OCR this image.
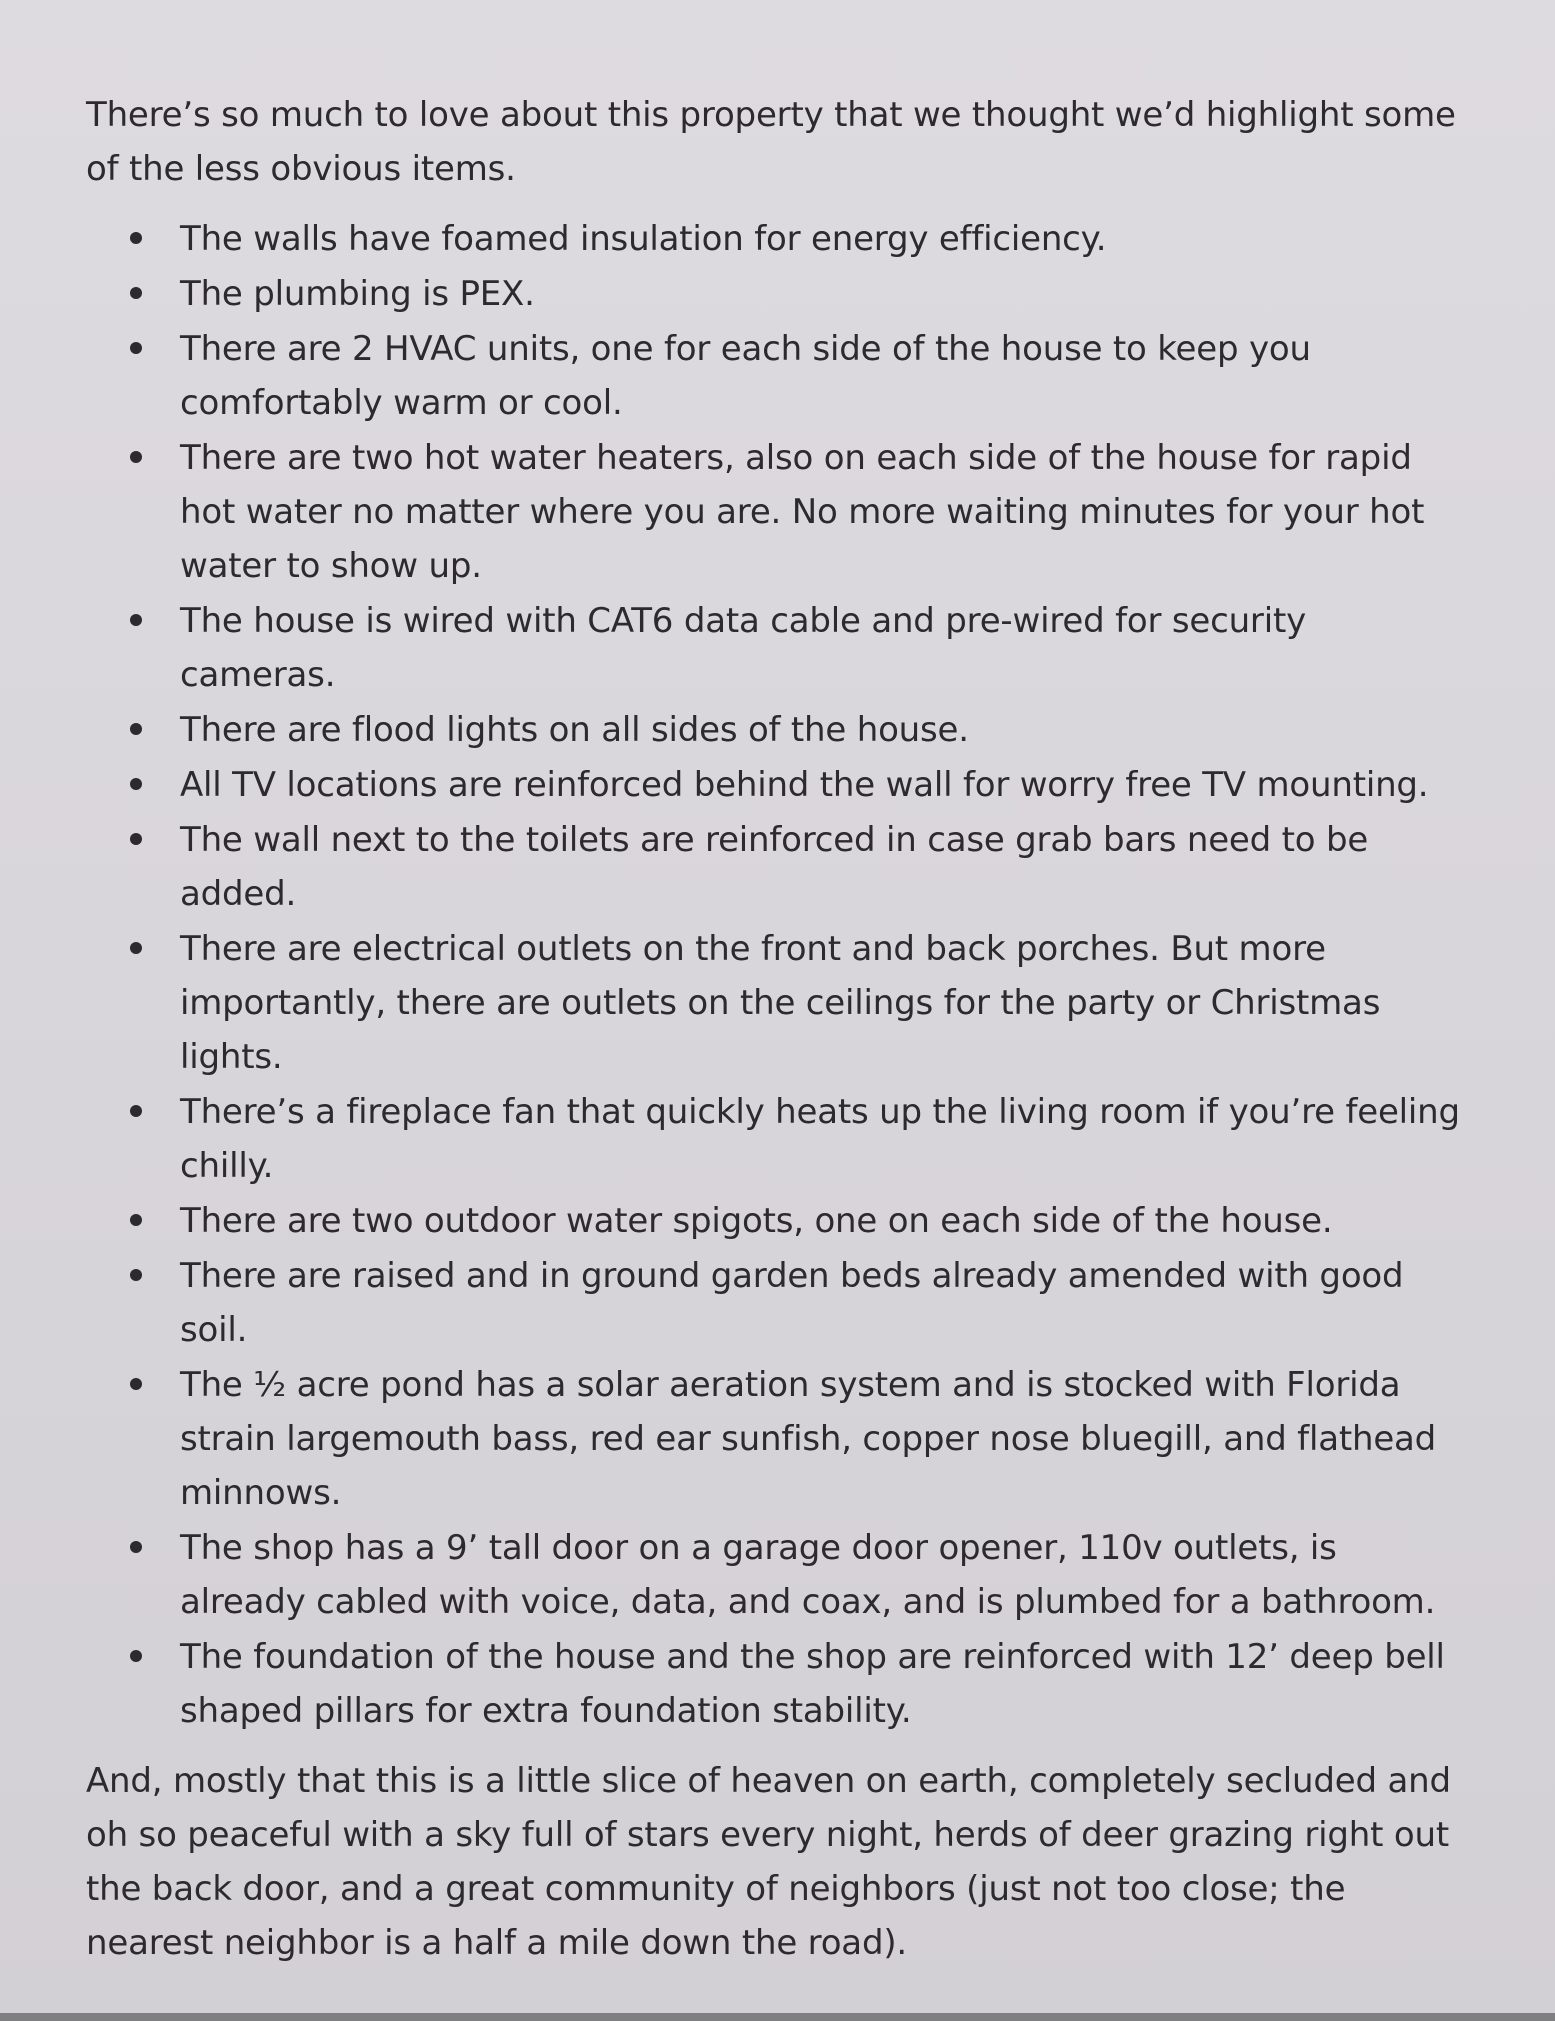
There’s so much to love about this property that we thought we’d highlight some of the less obvious items.

The walls have foamed insulation for energy efficiency.
The plumbing is PEX.
There are 2 HVAC units, one for each side of the house to keep you comfortably warm or cool.
There are two hot water heaters, also on each side of the house for rapid hot water no matter where you are. No more waiting minutes for your hot water to show up.
The house is wired with CAT6 data cable and pre-wired for security cameras.
There are flood lights on all sides of the house.
All TV locations are reinforced behind the wall for worry free TV mounting.
The wall next to the toilets are reinforced in case grab bars need to be added.
There are electrical outlets on the front and back porches. But more importantly, there are outlets on the ceilings for the party or Christmas lights.
There’s a fireplace fan that quickly heats up the living room if you’re feeling chilly.
There are two outdoor water spigots, one on each side of the house.
There are raised and in ground garden beds already amended with good soil.
The ½ acre pond has a solar aeration system and is stocked with Florida strain largemouth bass, red ear sunfish, copper nose bluegill, and flathead minnows.
The shop has a 9’ tall door on a garage door opener, 110v outlets, is already cabled with voice, data, and coax, and is plumbed for a bathroom.
The foundation of the house and the shop are reinforced with 12’ deep bell shaped pillars for extra foundation stability.

And, mostly that this is a little slice of heaven on earth, completely secluded and oh so peaceful with a sky full of stars every night, herds of deer grazing right out the back door, and a great community of neighbors (just not too close; the nearest neighbor is a half a mile down the road).
